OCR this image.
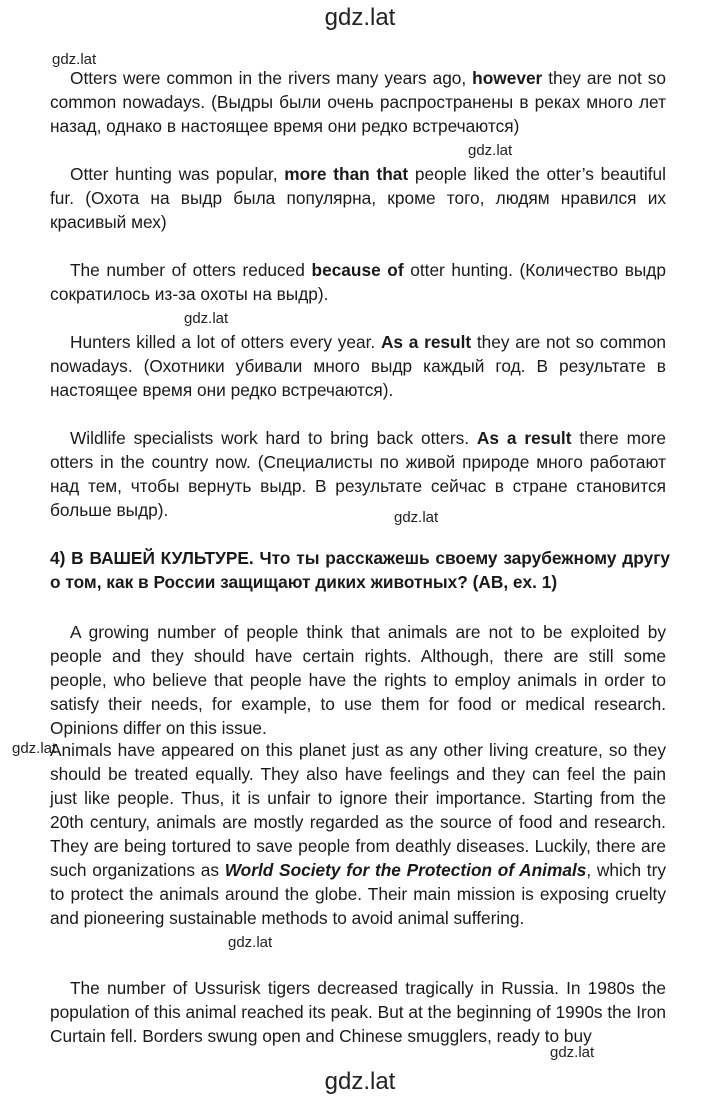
gdz.lat
gdz.lat
gdz.lat
gdz.lat
gdz.lat
gdz.lat
gdz.lat
gdz.lat

Otters were common in the rivers many years ago, however they are not so common nowadays. (Выдры были очень распространены в реках много лет назад, однако в настоящее время они редко встречаются)

Otter hunting was popular, more than that people liked the otter’s beautiful fur. (Охота на выдр была популярна, кроме того, людям нравился их красивый мех)

The number of otters reduced because of otter hunting. (Количество выдр сократилось из-за охоты на выдр).

Hunters killed a lot of otters every year. As a result they are not so common nowadays. (Охотники убивали много выдр каждый год. В результате в настоящее время они редко встречаются).

Wildlife specialists work hard to bring back otters. As a result there more otters in the country now. (Специалисты по живой природе много работают над тем, чтобы вернуть выдр. В результате сейчас в стране становится больше выдр).

4) В ВАШЕЙ КУЛЬТУРЕ. Что ты расскажешь своему зарубежному другу о том, как в России защищают диких животных? (АВ, ex. 1)

A growing number of people think that animals are not to be exploited by people and they should have certain rights. Although, there are still some people, who believe that people have the rights to employ animals in order to satisfy their needs, for example, to use them for food or medical research. Opinions differ on this issue.

Animals have appeared on this planet just as any other living creature, so they should be treated equally. They also have feelings and they can feel the pain just like people. Thus, it is unfair to ignore their importance. Starting from the 20th century, animals are mostly regarded as the source of food and research. They are being tortured to save people from deathly diseases. Luckily, there are such organizations as World Society for the Protection of Animals, which try to protect the animals around the globe. Their main mission is exposing cruelty and pioneering sustainable methods to avoid animal suffering.

The number of Ussurisk tigers decreased tragically in Russia. In 1980s the population of this animal reached its peak. But at the beginning of 1990s the Iron Curtain fell. Borders swung open and Chinese smugglers, ready to buy

gdz.lat
